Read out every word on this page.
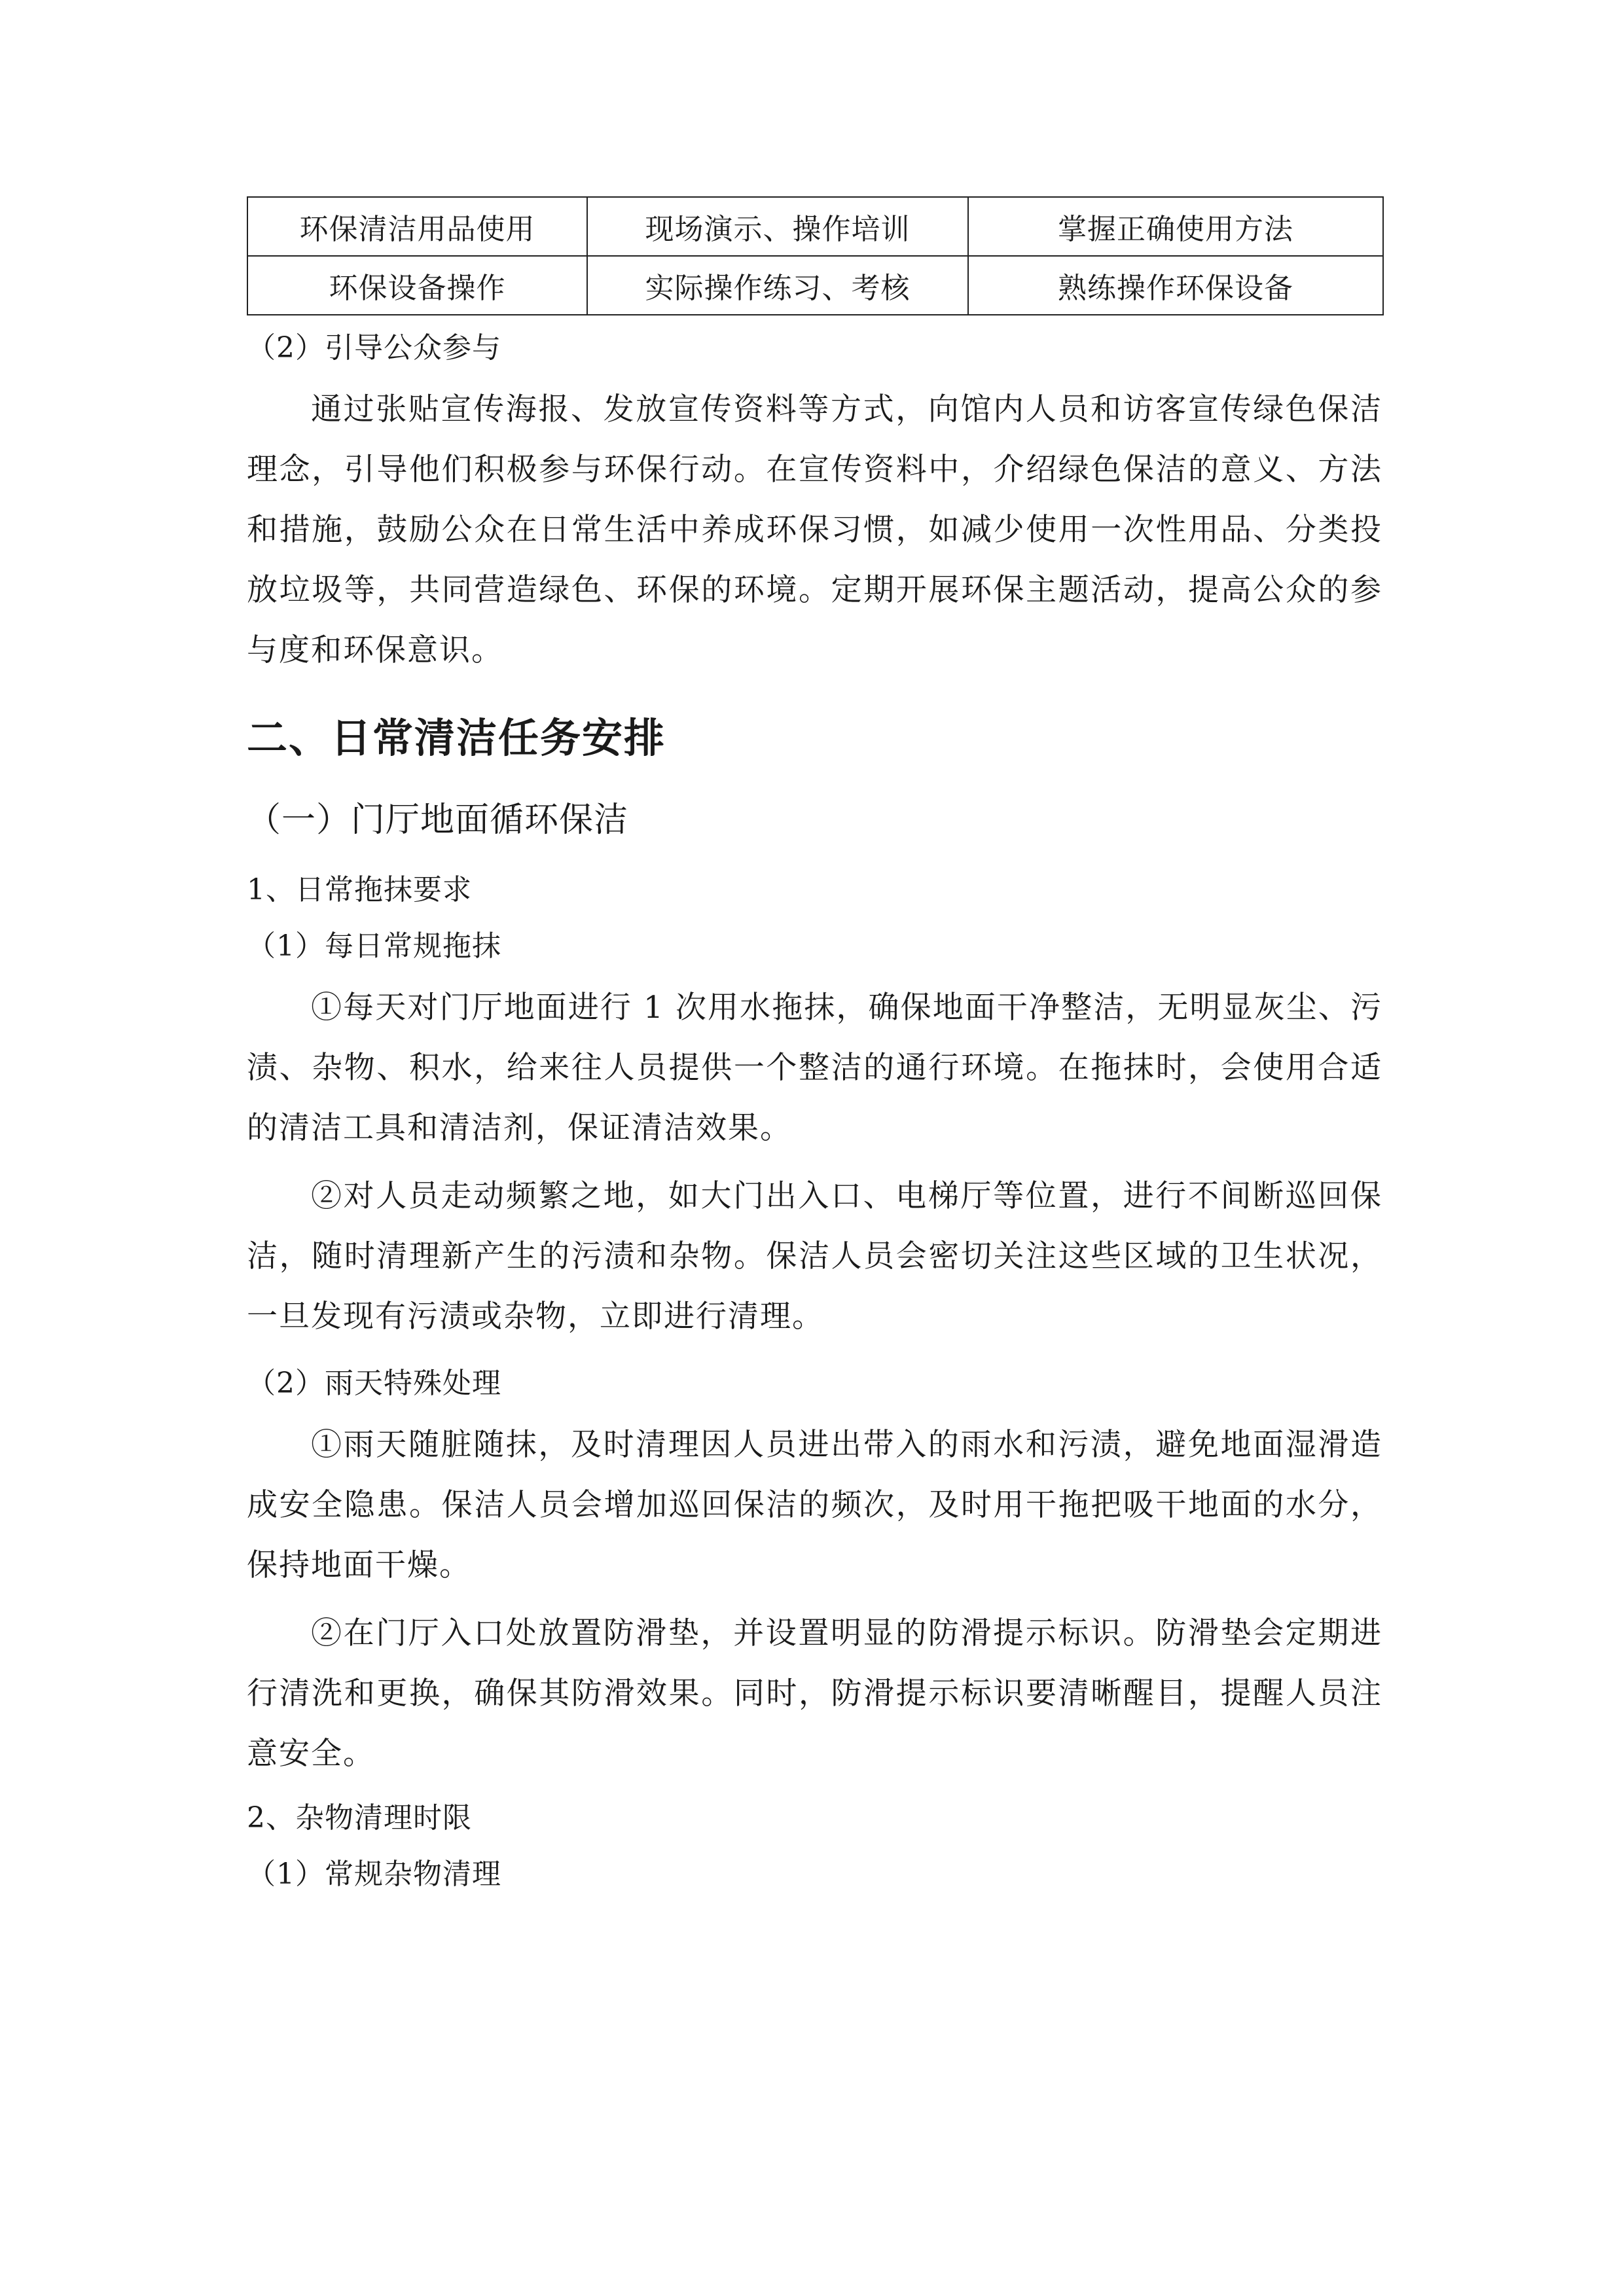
环保清洁用品使用	现场演示、操作培训	掌握正确使用方法
环保设备操作	实际操作练习、考核	熟练操作环保设备

（2）引导公众参与

通过张贴宣传海报、发放宣传资料等方式，向馆内人员和访客宣传绿色保洁理念，引导他们积极参与环保行动。在宣传资料中，介绍绿色保洁的意义、方法和措施，鼓励公众在日常生活中养成环保习惯，如减少使用一次性用品、分类投放垃圾等，共同营造绿色、环保的环境。定期开展环保主题活动，提高公众的参与度和环保意识。

二、日常清洁任务安排

（一）门厅地面循环保洁

1、日常拖抹要求

（1）每日常规拖抹

①每天对门厅地面进行 1 次用水拖抹，确保地面干净整洁，无明显灰尘、污渍、杂物、积水，给来往人员提供一个整洁的通行环境。在拖抹时，会使用合适的清洁工具和清洁剂，保证清洁效果。

②对人员走动频繁之地，如大门出入口、电梯厅等位置，进行不间断巡回保洁，随时清理新产生的污渍和杂物。保洁人员会密切关注这些区域的卫生状况，一旦发现有污渍或杂物，立即进行清理。

（2）雨天特殊处理

①雨天随脏随抹，及时清理因人员进出带入的雨水和污渍，避免地面湿滑造成安全隐患。保洁人员会增加巡回保洁的频次，及时用干拖把吸干地面的水分，保持地面干燥。

②在门厅入口处放置防滑垫，并设置明显的防滑提示标识。防滑垫会定期进行清洗和更换，确保其防滑效果。同时，防滑提示标识要清晰醒目，提醒人员注意安全。

2、杂物清理时限

（1）常规杂物清理
